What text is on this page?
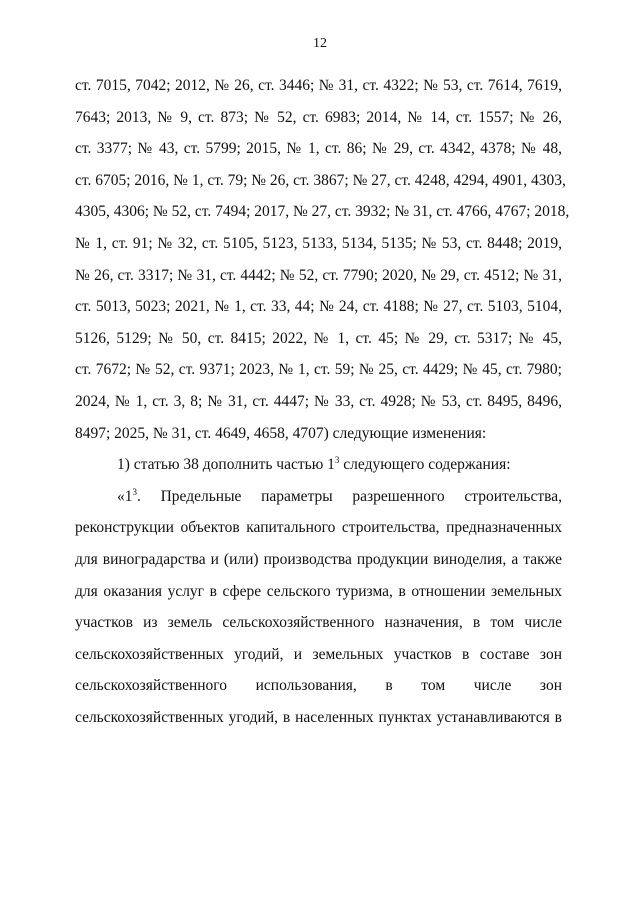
12
ст. 7015, 7042; 2012, № 26, ст. 3446; № 31, ст. 4322; № 53, ст. 7614, 7619,
7643; 2013, № 9, ст. 873; № 52, ст. 6983; 2014, № 14, ст. 1557; № 26,
ст. 3377; № 43, ст. 5799; 2015, № 1, ст. 86; № 29, ст. 4342, 4378; № 48,
ст. 6705; 2016, № 1, ст. 79; № 26, ст. 3867; № 27, ст. 4248, 4294, 4901, 4303,
4305, 4306; № 52, ст. 7494; 2017, № 27, ст. 3932; № 31, ст. 4766, 4767; 2018,
№ 1, ст. 91; № 32, ст. 5105, 5123, 5133, 5134, 5135; № 53, ст. 8448; 2019,
№ 26, ст. 3317; № 31, ст. 4442; № 52, ст. 7790; 2020, № 29, ст. 4512; № 31,
ст. 5013, 5023; 2021, № 1, ст. 33, 44; № 24, ст. 4188; № 27, ст. 5103, 5104,
5126, 5129; № 50, ст. 8415; 2022, № 1, ст. 45; № 29, ст. 5317; № 45,
ст. 7672; № 52, ст. 9371; 2023, № 1, ст. 59; № 25, ст. 4429; № 45, ст. 7980;
2024, № 1, ст. 3, 8; № 31, ст. 4447; № 33, ст. 4928; № 53, ст. 8495, 8496,
8497; 2025, № 31, ст. 4649, 4658, 4707) следующие изменения:
1) статью 38 дополнить частью $1^3$ следующего содержания:
«$1^3$. Предельные параметры разрешенного строительства,
реконструкции объектов капитального строительства, предназначенных
для виноградарства и (или) производства продукции виноделия, а также
для оказания услуг в сфере сельского туризма, в отношении земельных
участков из земель сельскохозяйственного назначения, в том числе
сельскохозяйственных угодий, и земельных участков в составе зон
сельскохозяйственного использования, в том числе зон
сельскохозяйственных угодий, в населенных пунктах устанавливаются в
